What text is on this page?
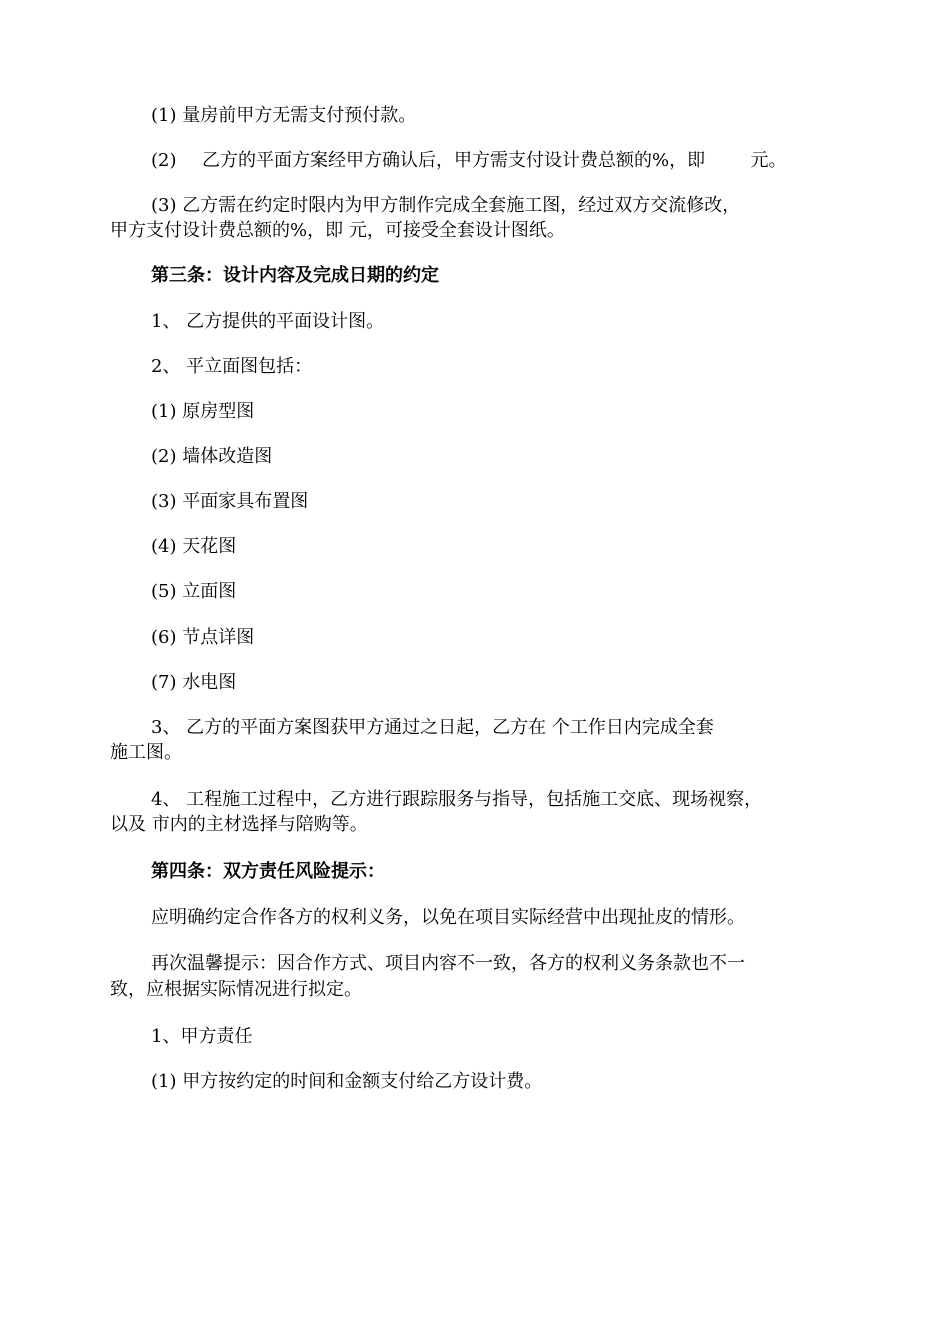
(1) 量房前甲方无需支付预付款。
(2) 乙方的平面方案经甲方确认后，甲方需支付设计费总额的%，即	元。
(3) 乙方需在约定时限内为甲方制作完成全套施工图，经过双方交流修改，
甲方支付设计费总额的%，即 元，可接受全套设计图纸。
第三条：设计内容及完成日期的约定
1、 乙方提供的平面设计图。
2、 平立面图包括：
(1) 原房型图
(2) 墙体改造图
(3) 平面家具布置图
(4) 天花图
(5) 立面图
(6) 节点详图
(7) 水电图
3、 乙方的平面方案图获甲方通过之日起，乙方在 个工作日内完成全套
施工图。
4、 工程施工过程中，乙方进行跟踪服务与指导，包括施工交底、现场视察，
以及 市内的主材选择与陪购等。
第四条：双方责任风险提示：
应明确约定合作各方的权利义务，以免在项目实际经营中出现扯皮的情形。
再次温馨提示：因合作方式、项目内容不一致，各方的权利义务条款也不一
致，应根据实际情况进行拟定。
1、甲方责任
(1) 甲方按约定的时间和金额支付给乙方设计费。
